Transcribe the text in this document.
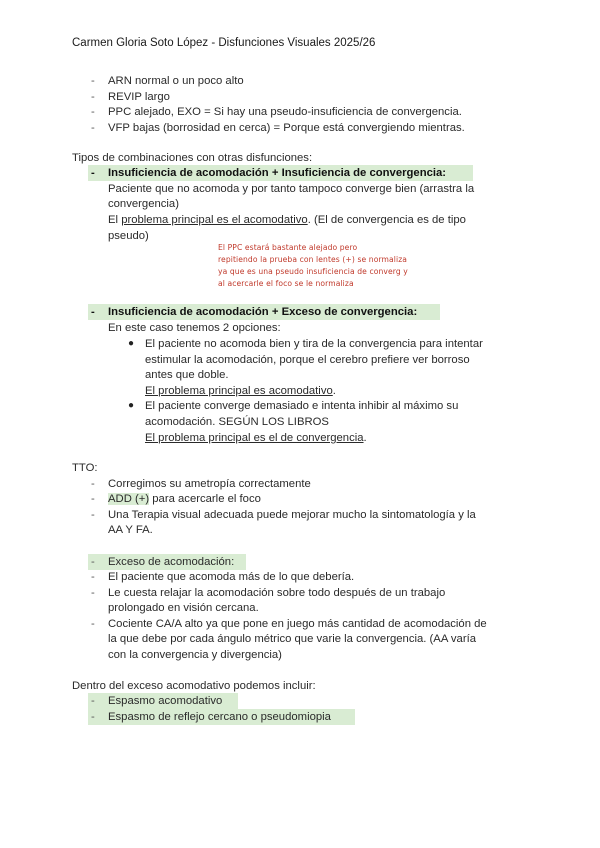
Carmen Gloria Soto López - Disfunciones Visuales 2025/26
- ARN normal o un poco alto
- REVIP largo
- PPC alejado, EXO = Si hay una pseudo-insuficiencia de convergencia.
- VFP bajas (borrosidad en cerca) = Porque está convergiendo mientras.
Tipos de combinaciones con otras disfunciones:
- Insuficiencia de acomodación + Insuficiencia de convergencia:
Paciente que no acomoda y por tanto tampoco converge bien (arrastra la
convergencia)
El problema principal es el acomodativo. (El de convergencia es de tipo
pseudo)
El PPC estará bastante alejado pero
repitiendo la prueba con lentes (+) se normaliza
ya que es una pseudo insuficiencia de converg y
al acercarle el foco se le normaliza
- Insuficiencia de acomodación + Exceso de convergencia:
En este caso tenemos 2 opciones:
● El paciente no acomoda bien y tira de la convergencia para intentar
estimular la acomodación, porque el cerebro prefiere ver borroso
antes que doble.
El problema principal es acomodativo.
● El paciente converge demasiado e intenta inhibir al máximo su
acomodación. SEGÚN LOS LIBROS
El problema principal es el de convergencia.
TTO:
- Corregimos su ametropía correctamente
- ADD (+) para acercarle el foco
- Una Terapia visual adecuada puede mejorar mucho la sintomatología y la
AA Y FA.
- Exceso de acomodación:
- El paciente que acomoda más de lo que debería.
- Le cuesta relajar la acomodación sobre todo después de un trabajo
prolongado en visión cercana.
- Cociente CA/A alto ya que pone en juego más cantidad de acomodación de
la que debe por cada ángulo métrico que varie la convergencia. (AA varía
con la convergencia y divergencia)
Dentro del exceso acomodativo podemos incluir:
- Espasmo acomodativo
- Espasmo de reflejo cercano o pseudomiopia
